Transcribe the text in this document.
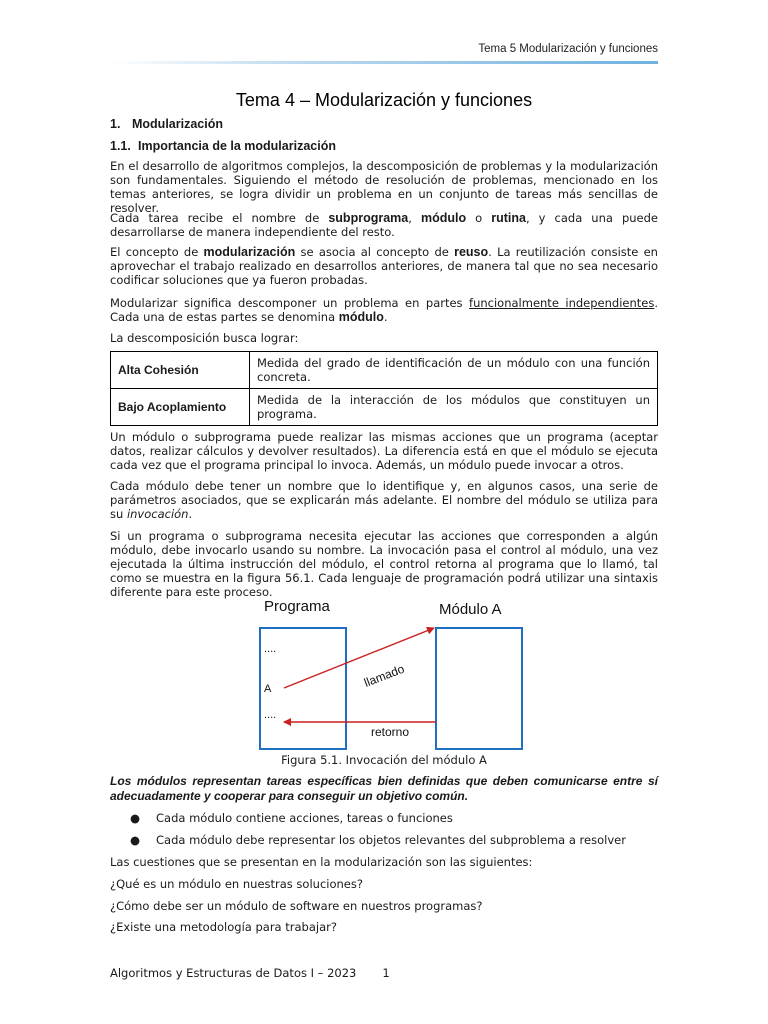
Tema 5 Modularización y funciones
Tema 4 – Modularización y funciones
1. Modularización
1.1. Importancia de la modularización

En el desarrollo de algoritmos complejos, la descomposición de problemas y la modularización son fundamentales. Siguiendo el método de resolución de problemas, mencionado en los temas anteriores, se logra dividir un problema en un conjunto de tareas más sencillas de resolver.

Cada tarea recibe el nombre de subprograma, módulo o rutina, y cada una puede desarrollarse de manera independiente del resto.

El concepto de modularización se asocia al concepto de reuso. La reutilización consiste en aprovechar el trabajo realizado en desarrollos anteriores, de manera tal que no sea necesario codificar soluciones que ya fueron probadas.

Modularizar significa descomponer un problema en partes funcionalmente independientes. Cada una de estas partes se denomina módulo.

La descomposición busca lograr:

Alta Cohesión	Medida del grado de identificación de un módulo con una función concreta.
Bajo Acoplamiento	Medida de la interacción de los módulos que constituyen un programa.

Un módulo o subprograma puede realizar las mismas acciones que un programa (aceptar datos, realizar cálculos y devolver resultados). La diferencia está en que el módulo se ejecuta cada vez que el programa principal lo invoca. Además, un módulo puede invocar a otros.

Cada módulo debe tener un nombre que lo identifique y, en algunos casos, una serie de parámetros asociados, que se explicarán más adelante. El nombre del módulo se utiliza para su invocación.

Si un programa o subprograma necesita ejecutar las acciones que corresponden a algún módulo, debe invocarlo usando su nombre. La invocación pasa el control al módulo, una vez ejecutada la última instrucción del módulo, el control retorna al programa que lo llamó, tal como se muestra en la figura 56.1. Cada lenguaje de programación podrá utilizar una sintaxis diferente para este proceso.

Programa	Módulo A
....
A
....
llamado
retorno
Figura 5.1. Invocación del módulo A
Los módulos representan tareas específicas bien definidas que deben comunicarse entre sí adecuadamente y cooperar para conseguir un objetivo común.
● Cada módulo contiene acciones, tareas o funciones
● Cada módulo debe representar los objetos relevantes del subproblema a resolver
Las cuestiones que se presentan en la modularización son las siguientes:
¿Qué es un módulo en nuestras soluciones?
¿Cómo debe ser un módulo de software en nuestros programas?
¿Existe una metodología para trabajar?
Algoritmos y Estructuras de Datos I – 2023 1
